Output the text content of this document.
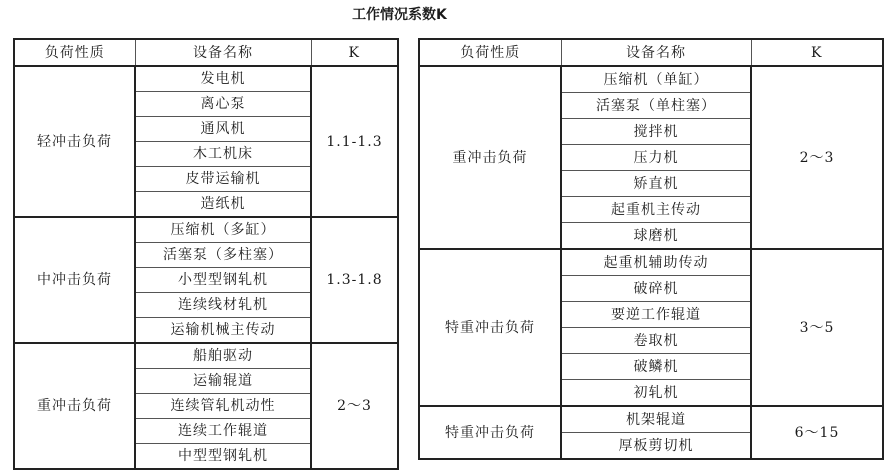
工作情况系数K
负荷性质	设备名称	K
轻冲击负荷	发电机	1.1-1.3
	离心泵	
	通风机	
	木工机床	
	皮带运输机	
	造纸机	
中冲击负荷	压缩机（多缸）	1.3-1.8
	活塞泵（多柱塞）	
	小型型钢轧机	
	连续线材轧机	
	运输机械主传动	
重冲击负荷	船舶驱动	2～3
	运输辊道	
	连续管轧机动性	
	连续工作辊道	
	中型型钢轧机	
负荷性质	设备名称	K
重冲击负荷	压缩机（单缸）	2～3
	活塞泵（单柱塞）	
	搅拌机	
	压力机	
	矫直机	
	起重机主传动	
	球磨机	
特重冲击负荷	起重机辅助传动	3～5
	破碎机	
	要逆工作辊道	
	卷取机	
	破鳞机	
	初轧机	
特重冲击负荷	机架辊道	6～15
	厚板剪切机	
